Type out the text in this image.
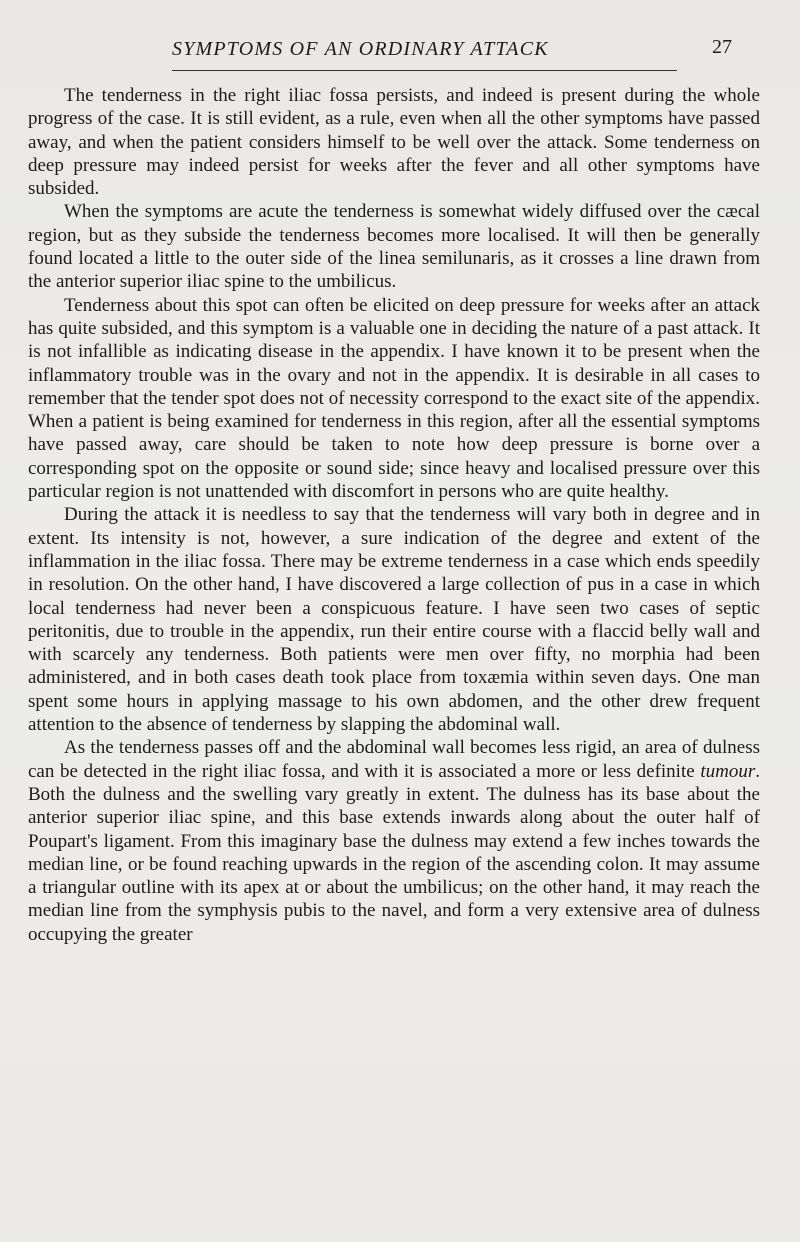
SYMPTOMS OF AN ORDINARY ATTACK	27

The tenderness in the right iliac fossa persists, and indeed is present during the whole progress of the case. It is still evident, as a rule, even when all the other symptoms have passed away, and when the patient considers himself to be well over the attack. Some tenderness on deep pressure may indeed persist for weeks after the fever and all other symptoms have subsided.

When the symptoms are acute the tenderness is somewhat widely diffused over the cæcal region, but as they subside the tenderness becomes more localised. It will then be generally found located a little to the outer side of the linea semilunaris, as it crosses a line drawn from the anterior superior iliac spine to the umbilicus.

Tenderness about this spot can often be elicited on deep pressure for weeks after an attack has quite subsided, and this symptom is a valuable one in deciding the nature of a past attack. It is not infallible as indicating disease in the appendix. I have known it to be present when the inflammatory trouble was in the ovary and not in the appendix. It is desirable in all cases to remember that the tender spot does not of necessity correspond to the exact site of the appendix. When a patient is being examined for tenderness in this region, after all the essential symptoms have passed away, care should be taken to note how deep pressure is borne over a corresponding spot on the opposite or sound side; since heavy and localised pressure over this particular region is not unattended with discomfort in persons who are quite healthy.

During the attack it is needless to say that the tenderness will vary both in degree and in extent. Its intensity is not, however, a sure indication of the degree and extent of the inflammation in the iliac fossa. There may be extreme tenderness in a case which ends speedily in resolution. On the other hand, I have discovered a large collection of pus in a case in which local tenderness had never been a conspicuous feature. I have seen two cases of septic peritonitis, due to trouble in the appendix, run their entire course with a flaccid belly wall and with scarcely any tenderness. Both patients were men over fifty, no morphia had been administered, and in both cases death took place from toxæmia within seven days. One man spent some hours in applying massage to his own abdomen, and the other drew frequent attention to the absence of tenderness by slapping the abdominal wall.

As the tenderness passes off and the abdominal wall becomes less rigid, an area of dulness can be detected in the right iliac fossa, and with it is associated a more or less definite tumour. Both the dulness and the swelling vary greatly in extent. The dulness has its base about the anterior superior iliac spine, and this base extends inwards along about the outer half of Poupart's ligament. From this imaginary base the dulness may extend a few inches towards the median line, or be found reaching upwards in the region of the ascending colon. It may assume a triangular outline with its apex at or about the umbilicus; on the other hand, it may reach the median line from the symphysis pubis to the navel, and form a very extensive area of dulness occupying the greater
